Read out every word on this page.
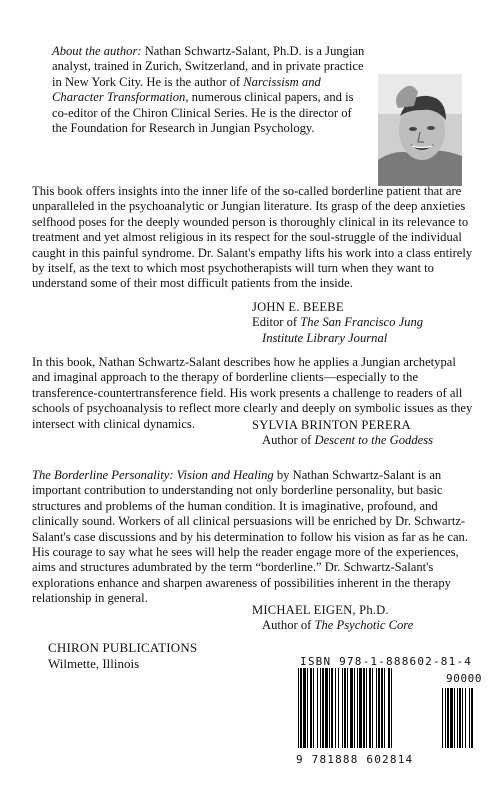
About the author: Nathan Schwartz-Salant, Ph.D. is a Jungian analyst, trained in Zurich, Switzerland, and in private practice in New York City. He is the author of Narcissism and Character Transformation, numerous clinical papers, and is co-editor of the Chiron Clinical Series. He is the director of the Foundation for Research in Jungian Psychology.

This book offers insights into the inner life of the so-called borderline patient that are unparalleled in the psychoanalytic or Jungian literature. Its grasp of the deep anxieties selfhood poses for the deeply wounded person is thoroughly clinical in its relevance to treatment and yet almost religious in its respect for the soul-struggle of the individual caught in this painful syndrome. Dr. Salant's empathy lifts his work into a class entirely by itself, as the text to which most psychotherapists will turn when they want to understand some of their most difficult patients from the inside.

JOHN E. BEEBE
Editor of The San Francisco Jung
Institute Library Journal

In this book, Nathan Schwartz-Salant describes how he applies a Jungian archetypal and imaginal approach to the therapy of borderline clients—especially to the transference-countertransference field. His work presents a challenge to readers of all schools of psychoanalysis to reflect more clearly and deeply on symbolic issues as they intersect with clinical dynamics.	SYLVIA BRINTON PERERA
Author of Descent to the Goddess

The Borderline Personality: Vision and Healing by Nathan Schwartz-Salant is an important contribution to understanding not only borderline personality, but basic structures and problems of the human condition. It is imaginative, profound, and clinically sound. Workers of all clinical persuasions will be enriched by Dr. Schwartz-Salant's case discussions and by his determination to follow his vision as far as he can. His courage to say what he sees will help the reader engage more of the experiences, aims and structures adumbrated by the term “borderline.” Dr. Schwartz-Salant's explorations enhance and sharpen awareness of possibilities inherent in the therapy relationship in general.

MICHAEL EIGEN, Ph.D.
Author of The Psychotic Core
CHIRON PUBLICATIONS
Wilmette, Illinois	ISBN 978-1-888602-81-4
90000
9 781888 602814
